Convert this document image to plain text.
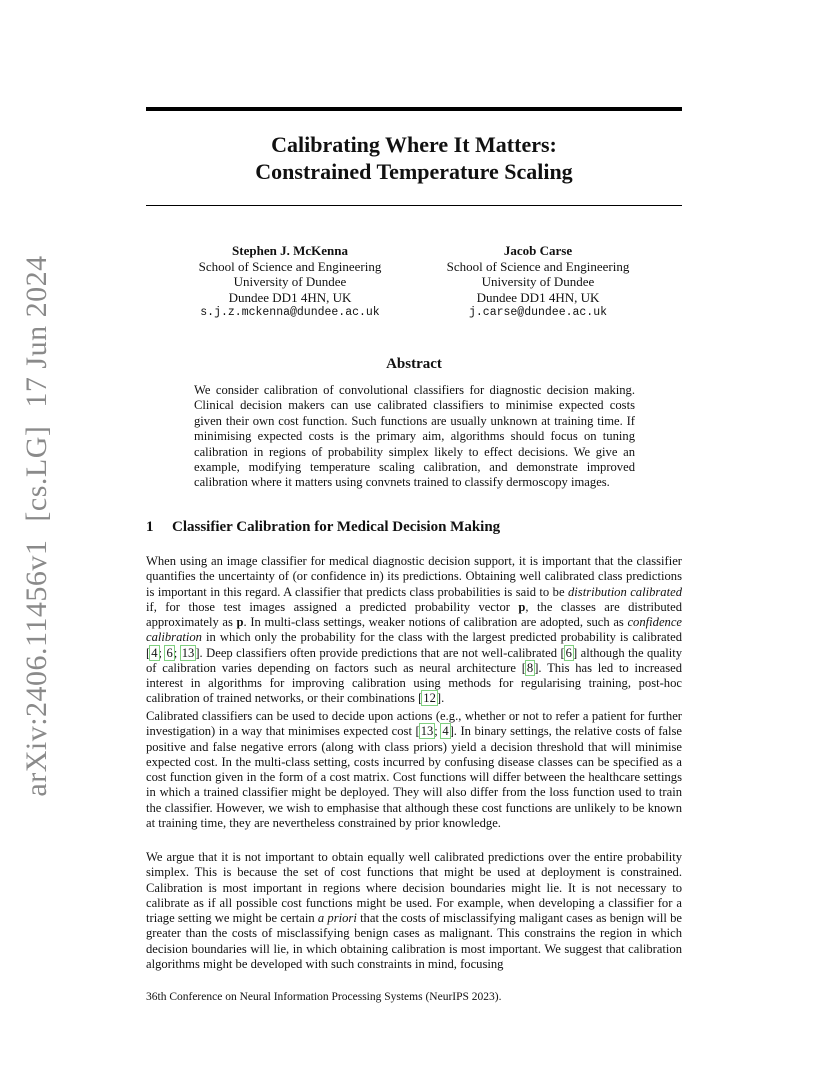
arXiv:2406.11456v1[cs.LG]17 Jun 2024
Calibrating Where It Matters:
Constrained Temperature Scaling
Stephen J. McKenna
School of Science and Engineering
University of Dundee
Dundee DD1 4HN, UK
s.j.z.mckenna@dundee.ac.uk
Jacob Carse
School of Science and Engineering
University of Dundee
Dundee DD1 4HN, UK
j.carse@dundee.ac.uk
Abstract
We consider calibration of convolutional classifiers for diagnostic decision making. Clinical decision makers can use calibrated classifiers to minimise expected costs given their own cost function. Such functions are usually unknown at training time. If minimising expected costs is the primary aim, algorithms should focus on tuning calibration in regions of probability simplex likely to effect decisions. We give an example, modifying temperature scaling calibration, and demonstrate improved calibration where it matters using convnets trained to classify dermoscopy images.
1 Classifier Calibration for Medical Decision Making
When using an image classifier for medical diagnostic decision support, it is important that the classifier quantifies the uncertainty of (or confidence in) its predictions. Obtaining well calibrated class predictions is important in this regard. A classifier that predicts class probabilities is said to be distribution calibrated if, for those test images assigned a predicted probability vector p, the classes are distributed approximately as p. In multi-class settings, weaker notions of calibration are adopted, such as confidence calibration in which only the probability for the class with the largest predicted probability is calibrated [4; 6; 13]. Deep classifiers often provide predictions that are not well-calibrated [6] although the quality of calibration varies depending on factors such as neural architecture [8]. This has led to increased interest in algorithms for improving calibration using methods for regularising training, post-hoc calibration of trained networks, or their combinations [12].
Calibrated classifiers can be used to decide upon actions (e.g., whether or not to refer a patient for further investigation) in a way that minimises expected cost [13; 4]. In binary settings, the relative costs of false positive and false negative errors (along with class priors) yield a decision threshold that will minimise expected cost. In the multi-class setting, costs incurred by confusing disease classes can be specified as a cost function given in the form of a cost matrix. Cost functions will differ between the healthcare settings in which a trained classifier might be deployed. They will also differ from the loss function used to train the classifier. However, we wish to emphasise that although these cost functions are unlikely to be known at training time, they are nevertheless constrained by prior knowledge.
We argue that it is not important to obtain equally well calibrated predictions over the entire probability simplex. This is because the set of cost functions that might be used at deployment is constrained. Calibration is most important in regions where decision boundaries might lie. It is not necessary to calibrate as if all possible cost functions might be used. For example, when developing a classifier for a triage setting we might be certain a priori that the costs of misclassifying maligant cases as benign will be greater than the costs of misclassifying benign cases as malignant. This constrains the region in which decision boundaries will lie, in which obtaining calibration is most important. We suggest that calibration algorithms might be developed with such constraints in mind, focusing
36th Conference on Neural Information Processing Systems (NeurIPS 2023).
